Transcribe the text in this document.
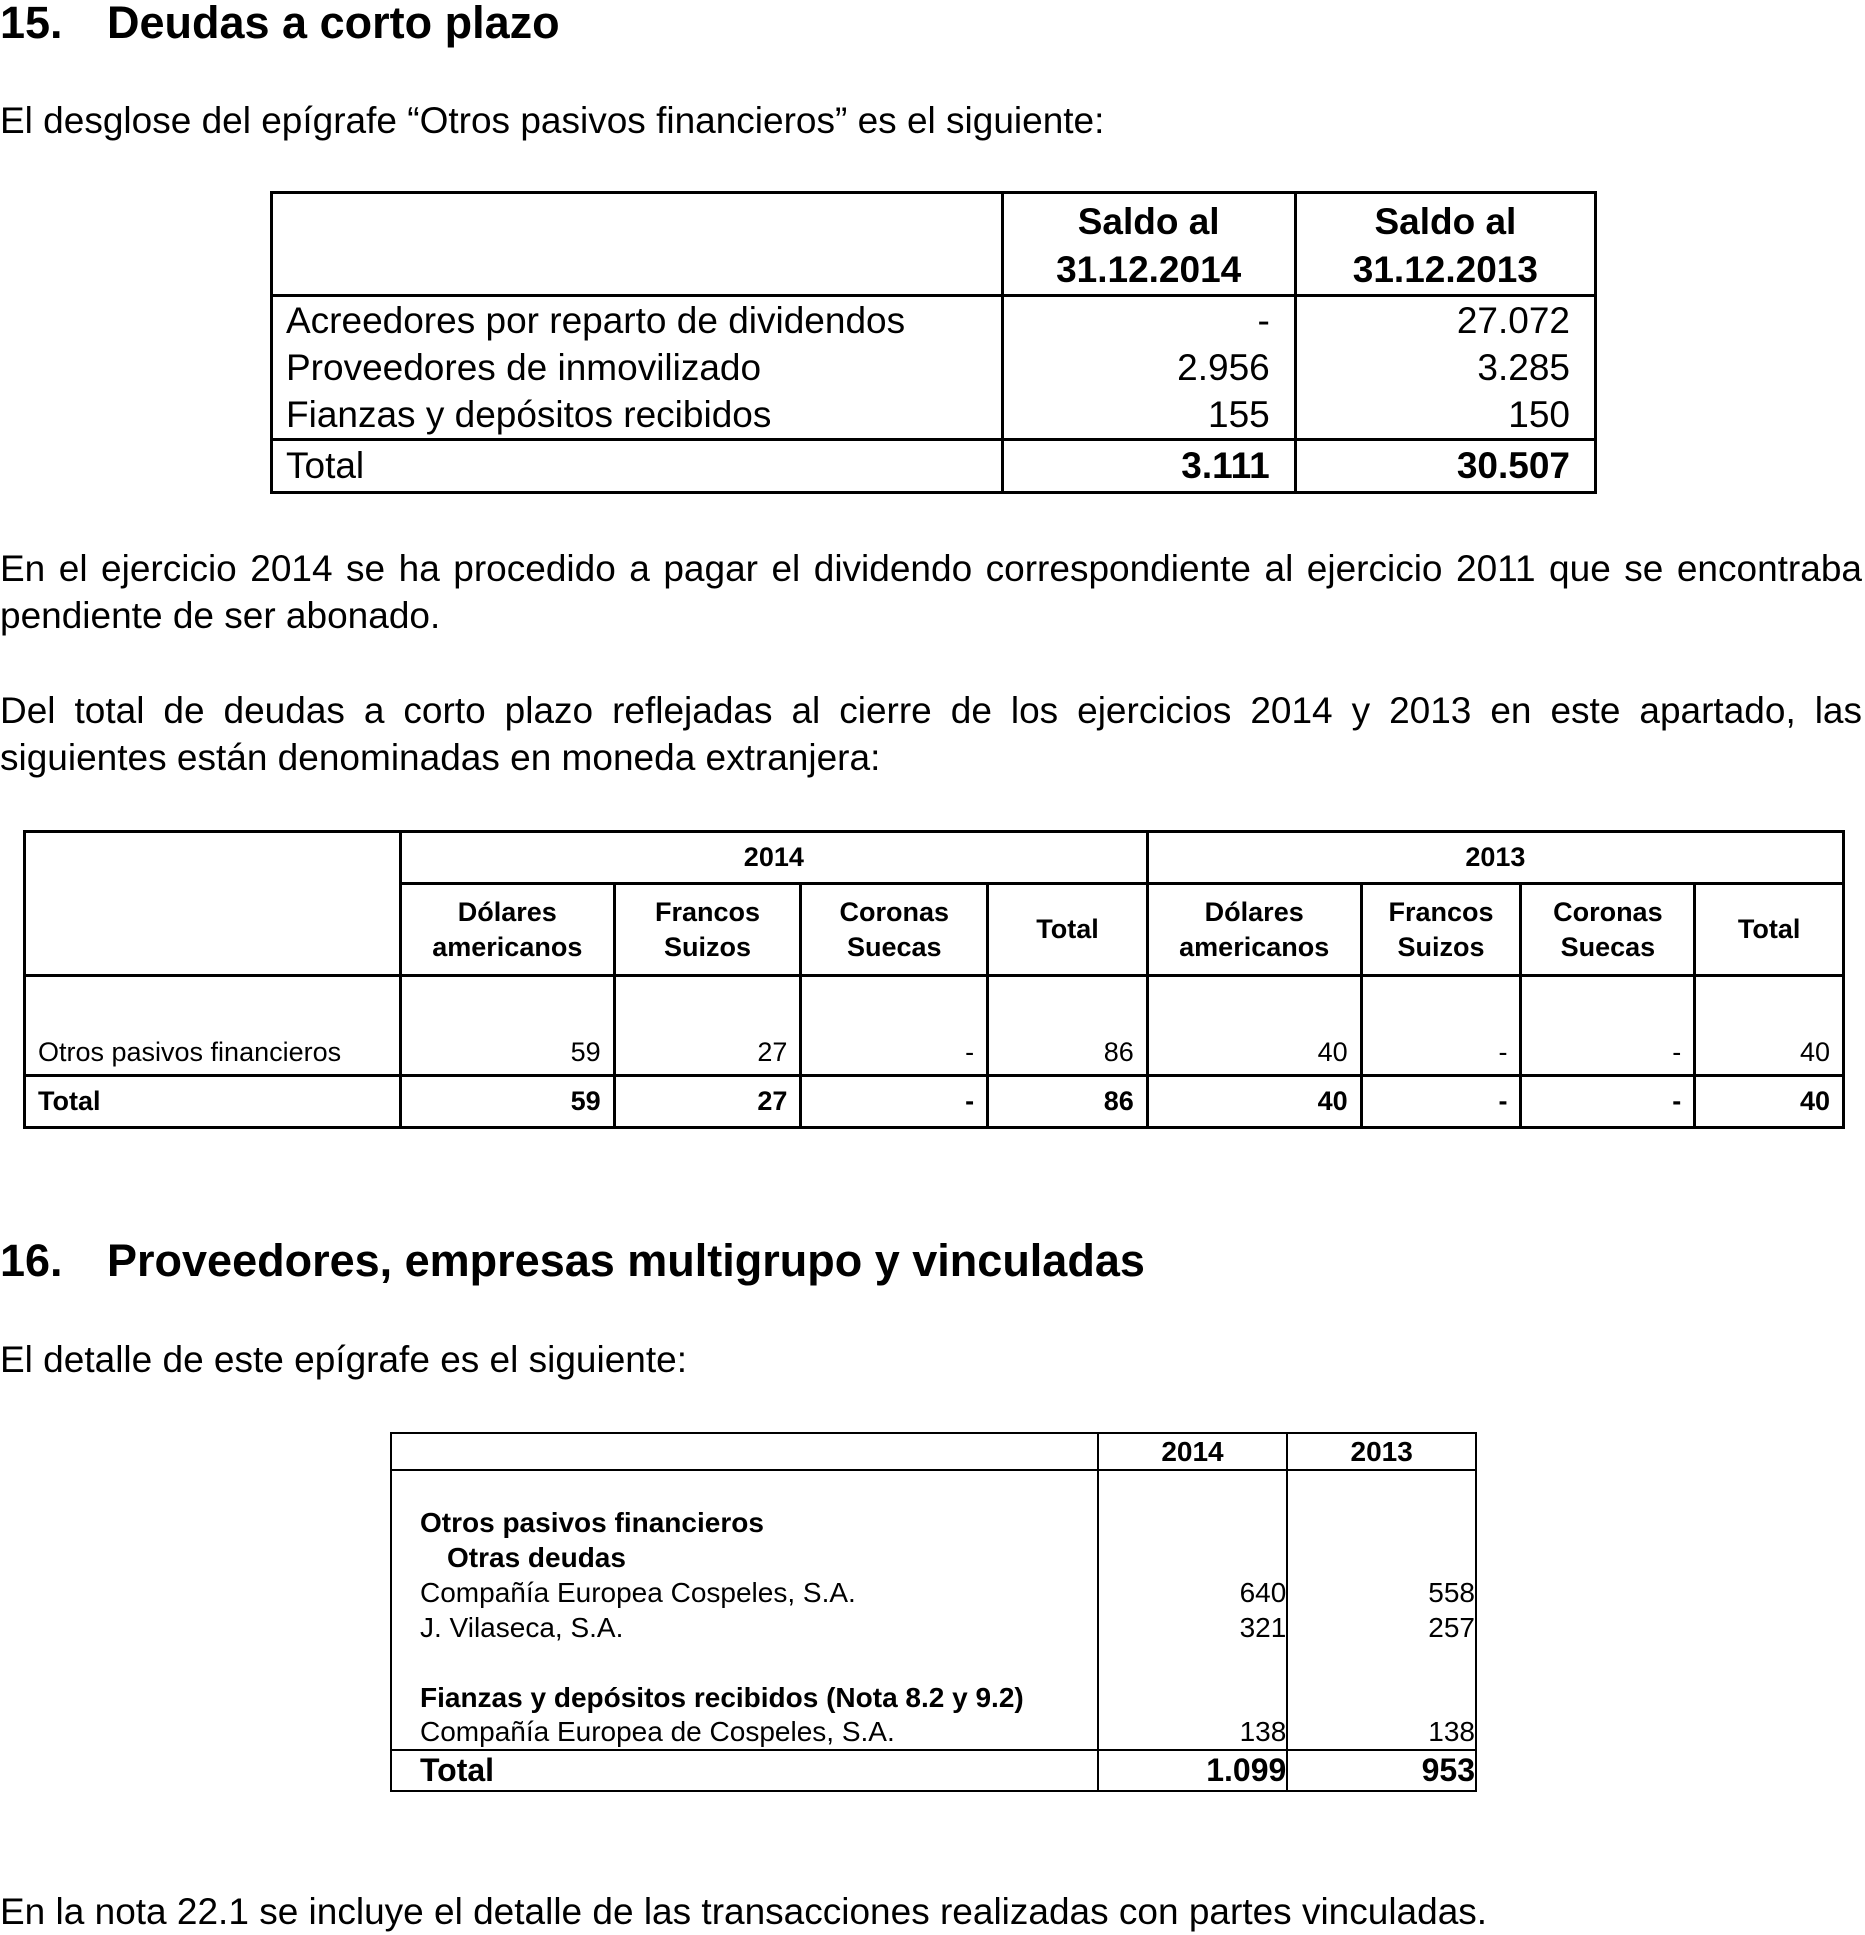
15. Deudas a corto plazo

El desglose del epígrafe “Otros pasivos financieros” es el siguiente:

	Saldo al 31.12.2014	Saldo al 31.12.2013

Acreedores por reparto de dividendos	-	27.072
Proveedores de inmovilizado	2.956	3.285
Fianzas y depósitos recibidos	155	150
Total	3.111	30.507

En el ejercicio 2014 se ha procedido a pagar el dividendo correspondiente al ejercicio 2011 que se encontraba pendiente de ser abonado.

Del total de deudas a corto plazo reflejadas al cierre de los ejercicios 2014 y 2013 en este apartado, las siguientes están denominadas en moneda extranjera:

	2014				2013			
	Dólares americanos	Francos Suizos	Coronas Suecas	Total	Dólares americanos	Francos Suizos	Coronas Suecas	Total
Otros pasivos financieros	59	27	-	86	40	-	-	40
Total	59	27	-	86	40	-	-	40
16. Proveedores, empresas multigrupo y vinculadas

El detalle de este epígrafe es el siguiente:

	2014	2013

Otros pasivos financieros		
Otras deudas		
Compañía Europea Cospeles, S.A.	640	558
J. Vilaseca, S.A.	321	257

Fianzas y depósitos recibidos (Nota 8.2 y 9.2)		
Compañía Europea de Cospeles, S.A.	138	138
Total	1.099	953

En la nota 22.1 se incluye el detalle de las transacciones realizadas con partes vinculadas.
